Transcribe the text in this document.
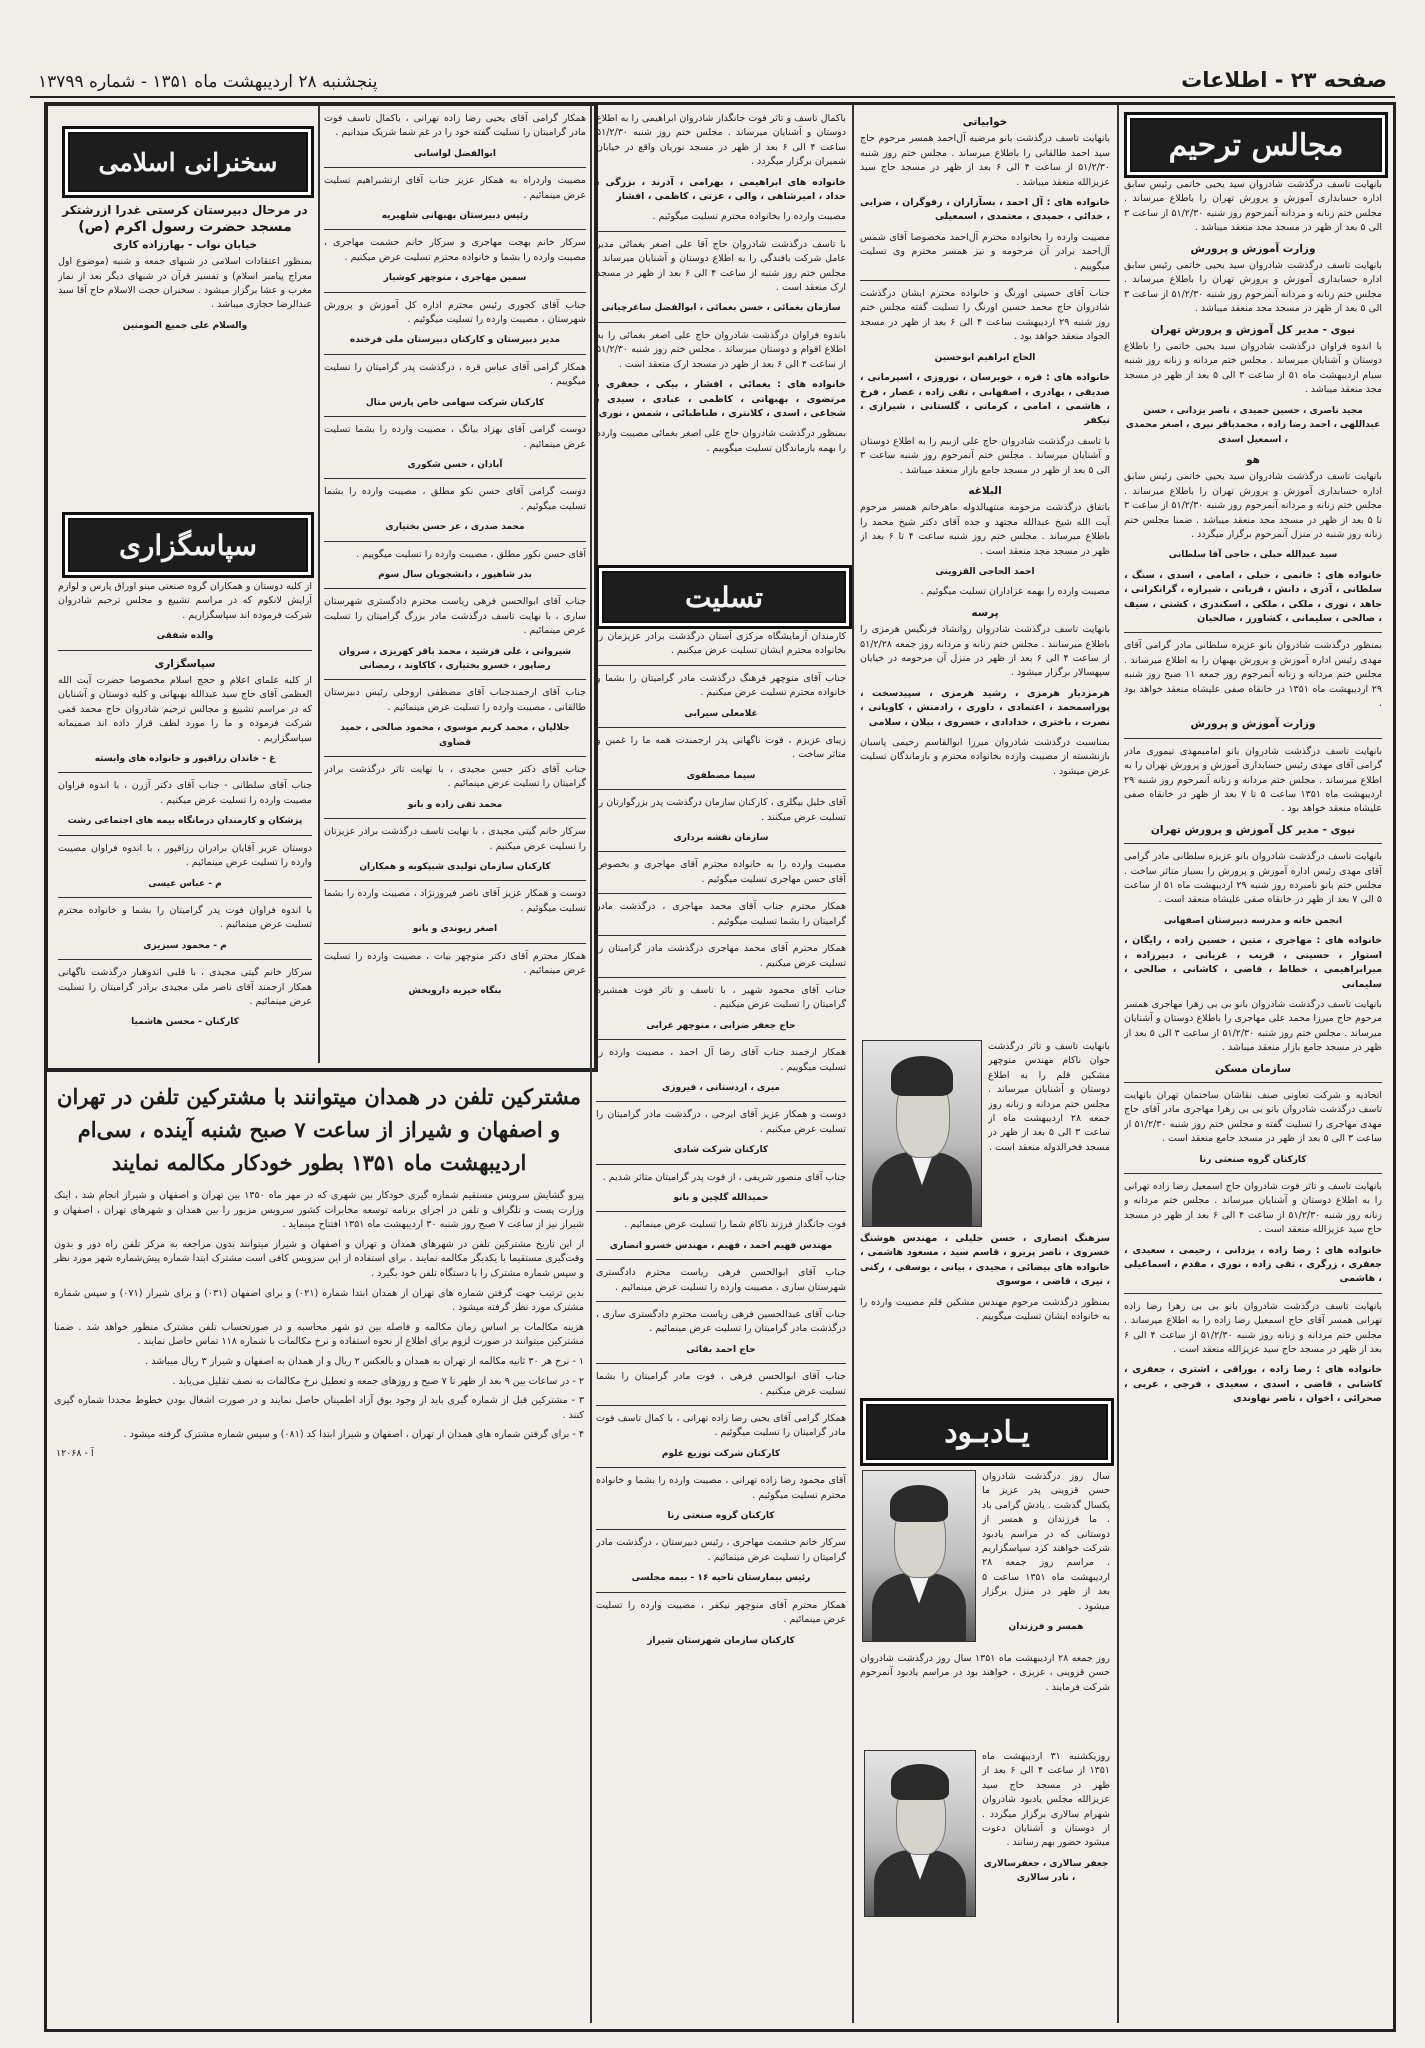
پنجشنبه ۲۸ اردیبهشت ماه ۱۳۵۱ - شماره ۱۳۷۹۹	صفحه ۲۳ - اطلاعات
مجالس ترحیم

بانهایت تاسف درگذشت شادروان سید یحیی خاتمی رئیس سابق اداره حسابداری آموزش و پرورش تهران را باطلاع میرساند . مجلس ختم زنانه و مردانه آنمرحوم روز شنبه ۵۱/۲/۳۰ از ساعت ۳ الی ۵ بعد از ظهر در مسجد مجد منعقد میباشد .

وزارت آموزش و پرورش

بانهایت تاسف درگذشت شادروان سید یحیی خاتمی رئیس سابق اداره حسابداری آموزش و پرورش تهران را باطلاع میرساند . مجلس ختم زنانه و مردانه آنمرحوم روز شنبه ۵۱/۲/۳۰ از ساعت ۳ الی ۵ بعد از ظهر در مسجد مجد منعقد میباشد .

نیوی - مدیر کل آموزش و پرورش تهران

با اندوه فراوان درگذشت شادروان سید یحیی خاتمی را باطلاع دوستان و آشنایان میرساند . مجلس ختم مردانه و زنانه روز شنبه سیام اردیبهشت ماه ۵۱ از ساعت ۳ الی ۵ بعد از ظهر در مسجد مجد منعقد میباشد .

مجید ناصری ، حسین حمیدی ، ناصر یزدانی ، حسن عبداللهی ، احمد رضا زاده ، محمدباقر نیری ، اصغر محمدی ، اسمعیل اسدی

هو

بانهایت تاسف درگذشت شادروان سید یحیی خاتمی رئیس سابق اداره حسابداری آموزش و پرورش تهران را باطلاع میرساند . مجلس ختم زنانه و مردانه آنمرحوم روز شنبه ۵۱/۲/۳۰ از ساعت ۳ تا ۵ بعد از ظهر در مسجد مجد منعقد میباشد . ضمنا مجلس ختم زنانه روز شنبه در منزل آنمرحوم برگزار میگردد .

سید عبدالله حبلی ، حاجی آقا سلطانی

خانواده های : خاتمی ، حبلی ، امامی ، اسدی ، سنگ ، سلطانی ، آذری ، دانش ، قربانی ، شیرازه ، گرانکرانی ، جاهد ، نوری ، ملکی ، ملکی ، اسکندری ، کشتی ، سیف ، صالحی ، سلیمانی ، کشاورز ، صالحیان

بمنظور درگذشت شادروان بانو عزیزه سلطانی مادر گرامی آقای مهدی رئیس اداره آموزش و پرورش بهبهان را به اطلاع میرساند . مجلس ختم مردانه و زنانه آنمرحوم روز جمعه ۱۱ صبح روز شنبه ۲۹ اردیبهشت ماه ۱۳۵۱ در خانقاه صفی علیشاه منعقد خواهد بود .

وزارت آموزش و پرورش

بانهایت تاسف درگذشت شادروان بانو امامیمهدی تیموری مادر گرامی آقای مهدی رئیس حسابداری آموزش و پرورش تهران را به اطلاع میرساند . مجلس ختم مردانه و زنانه آنمرحوم روز شنبه ۲۹ اردیبهشت ماه ۱۳۵۱ ساعت ۵ تا ۷ بعد از ظهر در خانقاه صفی علیشاه منعقد خواهد بود .

نیوی - مدیر کل آموزش و پرورش تهران

بانهایت تاسف درگذشت شادروان بانو عزیزه سلطانی مادر گرامی آقای مهدی رئیس اداره آموزش و پرورش را بسیار متاثر ساخت . مجلس ختم بانو نامبرده روز شنبه ۲۹ اردیبهشت ماه ۵۱ از ساعت ۵ الی ۷ بعد از ظهر در خانقاه صفی علیشاه منعقد است .

انجمن خانه و مدرسه دبیرستان اصفهانی

خانواده های : مهاجری ، متین ، حسین زاده ، رایگان ، استوار ، حسینی ، قریب ، غربانی ، دبیرزاده ، میرابراهیمی ، خطاط ، قاضی ، کاشانی ، صالحی ، سلیمانی

بانهایت تاسف درگذشت شادروان بانو بی بی زهرا مهاجری همسر مرحوم حاج میرزا محمد علی مهاجری را باطلاع دوستان و آشنایان میرساند . مجلس ختم روز شنبه ۵۱/۲/۳۰ از ساعت ۳ الی ۵ بعد از ظهر در مسجد جامع بازار منعقد میباشد .

سازمان مسکن

اتحادیه و شرکت تعاونی صنف نقاشان ساختمان تهران بانهایت تاسف درگذشت شادروان بانو بی بی زهرا مهاجری مادر آقای حاج مهدی مهاجری را تسلیت گفته و مجلس ختم روز شنبه ۵۱/۲/۳۰ از ساعت ۳ الی ۵ بعد از ظهر در مسجد جامع منعقد است .

کارکنان گروه صنعتی رنا

بانهایت تاسف و تاثر فوت شادروان حاج اسمعیل رضا زاده تهرانی را به اطلاع دوستان و آشنایان میرساند . مجلس ختم مردانه و زنانه روز شنبه ۵۱/۲/۳۰ از ساعت ۴ الی ۶ بعد از ظهر در مسجد حاج سید عزیزالله منعقد است .

خانواده های : رضا زاده ، یزدانی ، رحیمی ، سعیدی ، جعفری ، زرگری ، تقی زاده ، نوری ، مقدم ، اسماعیلی ، هاشمی

بانهایت تاسف درگذشت شادروان بانو بی بی زهرا رضا زاده تهرانی همسر آقای حاج اسمعیل رضا زاده را به اطلاع میرساند . مجلس ختم مردانه و زنانه روز شنبه ۵۱/۲/۳۰ از ساعت ۴ الی ۶ بعد از ظهر در مسجد حاج سید عزیزالله منعقد است .

خانواده های : رضا زاده ، بوراقی ، اشتری ، جعفری ، کاشانی ، قاضی ، اسدی ، سعیدی ، فرجی ، عربی ، صحرائی ، اخوان ، ناصر نهاوندی

خوابیاتی

بانهایت تاسف درگذشت بانو مرضیه آل‌احمد همسر مرحوم حاج سید احمد طالقانی را باطلاع میرساند . مجلس ختم روز شنبه ۵۱/۲/۳۰ از ساعت ۴ الی ۶ بعد از ظهر در مسجد حاج سید عزیزالله منعقد میباشد .

خانواده های : آل احمد ، بسآزاران ، رفوگران ، ضرابی ، خدائی ، حمیدی ، معتمدی ، اسمعیلی

مصیبت وارده را بخانواده محترم آل‌احمد مخصوصا آقای شمس آل‌احمد برادر آن مرحومه و نیز همسر محترم وی تسلیت میگوییم .

جناب آقای حسینی اورنگ و خانواده محترم ایشان درگذشت شادروان حاج محمد حسین اورنگ را تسلیت گفته مجلس ختم روز شنبه ۲۹ اردیبهشت ساعت ۴ الی ۶ بعد از ظهر در مسجد الجواد منعقد خواهد بود .

الحاج ابراهیم ابوحسین

خانواده های : فره ، خوبرسان ، نوروزی ، اسپرمانی ، صدیقی ، بهادری ، اصفهانی ، تقی زاده ، عصار ، فرخ ، هاشمی ، امامی ، کرمانی ، گلستانی ، شیرازی ، نیکفر

با تاسف درگذشت شادروان حاج علی ازبیم را به اطلاع دوستان و آشنایان میرساند . مجلس ختم آنمرحوم روز شنبه ساعت ۳ الی ۵ بعد از ظهر در مسجد جامع بازار منعقد میباشد .

البلاغه

باتفاق درگذشت مرحومه منتهیالدوله ماهرخانم همسر مرحوم آیت الله شیخ عبدالله مجتهد و جده آقای دکتر شیخ محمد را باطلاع میرساند . مجلس ختم روز شنبه ساعت ۴ تا ۶ بعد از ظهر در مسجد مجد منعقد است .

احمد الحاجی القزوینی

مصیبت وارده را بهمه عزاداران تسلیت میگوئیم .

پرسه

بانهایت تاسف درگذشت شادروان روانشاد فرنگیس هرمزی را باطلاع میرسانند . مجلس ختم زنانه و مردانه روز جمعه ۵۱/۲/۲۸ از ساعت ۴ الی ۶ بعد از ظهر در منزل آن مرحومه در خیابان سپهسالار برگزار میشود .

هرمزدیار هرمزی ، رشید هرمزی ، سپیدسخت ، پوراسمحمد ، اعتمادی ، داوری ، رادمنش ، کاویانی ، نصرت ، باختری ، خدادادی ، خسروی ، بیلان ، سلامی

بمناسبت درگذشت شادروان میرزا ابوالقاسم رحیمی پاسبان بازنشسته از مصیبت وارده بخانواده محترم و بازماندگان تسلیت عرض میشود .

بانهایت تاسف و تاثر درگذشت جوان ناکام مهندس منوچهر مشکین قلم را به اطلاع دوستان و آشنایان میرساند . مجلس ختم مردانه و زنانه روز جمعه ۲۸ اردیبهشت ماه از ساعت ۳ الی ۵ بعد از ظهر در مسجد فخرالدوله منعقد است .

سرهنگ انصاری ، حسن جلیلی ، مهندس هوشنگ خسروی ، ناصر پریرو ، قاسم سید ، مسعود هاشمی ، خانواده های بیضائی ، مجیدی ، بیانی ، یوسفی ، رکنی ، نیری ، قاضی ، موسوی

بمنظور درگذشت مرحوم مهندس مشکین قلم مصیبت وارده را به خانواده ایشان تسلیت میگوییم .

یـادبـود

سال روز درگذشت شادروان حسن قزوینی پدر عزیز ما یکسال گذشت . یادش گرامی باد . ما فرزندان و همسر از دوستانی که در مراسم یادبود شرکت خواهند کرد سپاسگزاریم . مراسم روز جمعه ۲۸ اردیبهشت ماه ۱۳۵۱ ساعت ۵ بعد از ظهر در منزل برگزار میشود .

همسر و فرزندان

روز جمعه ۲۸ اردیبهشت ماه ۱۳۵۱ سال روز درگذشت شادروان حسن قزوینی ، عزیزی ، خواهند بود در مراسم یادبود آنمرحوم شرکت فرمایند .

روزیکشنبه ۳۱ اردیبهشت ماه ۱۳۵۱ از ساعت ۴ الی ۶ بعد از ظهر در مسجد حاج سید عزیزالله مجلس یادبود شادروان شهرام سالاری برگزار میگردد . از دوستان و آشنایان دعوت میشود حضور بهم رسانند .

جعفر سالاری ، جعفرسالاری ، نادر سالاری

باکمال تاسف و تاثر فوت جانگداز شادروان ابراهیمی را به اطلاع دوستان و آشنایان میرساند . مجلس ختم روز شنبه ۵۱/۲/۳۰ ساعت ۴ الی ۶ بعد از ظهر در مسجد نوریان واقع در خیابان شمیران برگزار میگردد .

خانواده های ابراهیمی ، بهرامی ، آذرند ، بزرگی ، حداد ، امیرشاهی ، والی ، عزتی ، کاظمی ، افشار

مصیبت وارده را بخانواده محترم تسلیت میگوئیم .

با تاسف درگذشت شادروان حاج آقا علی اصغر بغمائی مدیر عامل شرکت بافندگی را به اطلاع دوستان و آشنایان میرساند . مجلس ختم روز شنبه از ساعت ۴ الی ۶ بعد از ظهر در مسجد ارک منعقد است .

سازمان بغمائی ، حسن بغمائی ، ابوالفضل ساغرچیانی

باندوه فراوان درگذشت شادروان حاج علی اصغر بغمائی را به اطلاع اقوام و دوستان میرساند . مجلس ختم روز شنبه ۵۱/۲/۳۰ از ساعت ۴ الی ۶ بعد از ظهر در مسجد ارک منعقد است .

خانواده های : بغمائی ، افشار ، بیکی ، جعفری ، مرتضوی ، بهبهانی ، کاظمی ، عبادی ، سیدی ، شجاعی ، اسدی ، کلانتری ، طباطبائی ، شمس ، نوری

بمنظور درگذشت شادروان حاج علی اصغر بغمائی مصیبت وارده را بهمه بازماندگان تسلیت میگوییم .

تسلیت

کارمندان آزمایشگاه مرکزی آستان درگذشت برادر عزیزمان را بخانواده محترم ایشان تسلیت عرض میکنیم .

جناب آقای منوچهر فرهنگ درگذشت مادر گرامیتان را بشما و خانواده محترم تسلیت عرض میکنیم .

غلامعلی سیرابی

زیبای عزیزم ، فوت ناگهانی پدر ارجمندت همه ما را غمین و متاثر ساخت .

سیما مصطفوی

آقای خلیل بیگلری ، کارکنان سازمان درگذشت پدر بزرگوارتان را تسلیت عرض میکنند .

سازمان نقشه برداری

مصیبت وارده را به خانواده محترم آقای مهاجری و بخصوص آقای حسن مهاجری تسلیت میگوئیم .

همکار محترم جناب آقای محمد مهاجری ، درگذشت مادر گرامیتان را بشما تسلیت میگوئیم .

همکار محترم آقای محمد مهاجری درگذشت مادر گرامیتان را تسلیت عرض میکنیم .

جناب آقای محمود شهیر ، با تاسف و تاثر فوت همشیره گرامیتان را تسلیت عرض میکنیم .

حاج جعفر ضرابی ، منوچهر غرابی

همکار ارجمند جناب آقای رضا آل احمد ، مصیبت وارده را تسلیت میگوییم .

ميرى ، اردستانى ، فيروزى

دوست و همکار عزیز آقای ایرجی ، درگذشت مادر گرامیتان را تسلیت عرض میکنیم .

کارکنان شرکت شادی

جناب آقای منصور شریفی ، از فوت پدر گرامیتان متاثر شدیم .

حمیدالله گلچین و بانو

فوت جانگداز فرزند ناکام شما را تسلیت عرض مینمائیم .

مهندس فهیم احمد ، فهیم ، مهندس خسرو انصاری

جناب آقای ابوالحسن فرهی ریاست محترم دادگستری شهرستان ساری ، مصیبت وارده را تسلیت عرض مینمائیم .

جناب آقای عبدالحسین فرهی ریاست محترم دادگستری ساری ، درگذشت مادر گرامیتان را تسلیت عرض مینمائیم .

حاج احمد بقائی

جناب آقای ابوالحسن فرهی ، فوت مادر گرامیتان را بشما تسلیت عرض میکنیم .

همکار گرامی آقای یحیی رضا زاده تهرانی ، با کمال تاسف فوت مادر گرامیتان را تسلیت میگوئیم .

کارکنان شرکت توزیع غلوم

آقای محمود رضا زاده تهرانی ، مصیبت وارده را بشما و خانواده محترم تسلیت میگوئیم .

کارکنان گروه صنعتی رنا

سرکار خانم حشمت مهاجری ، رئیس دبیرستان ، درگذشت مادر گرامیتان را تسلیت عرض مینمائیم .

رئیس بیمارستان ناحیه ۱۶ - بیمه مجلسی

همکار محترم آقای منوچهر نیکفر ، مصیبت وارده را تسلیت عرض مینمائیم .

کارکنان سازمان شهرستان شیراز

همکار گرامی آقای یحیی رضا زاده تهرانی ، باکمال تاسف فوت مادر گرامیتان را تسلیت گفته خود را در غم شما شریک میدانیم .

ابوالفضل لواسانی

مصیبت واردراه به همکار عزیز جناب آقای ارتشبراهیم تسلیت عرض مینمائیم .

رئیس دبیرستان بهبهانی شلهیریه

سرکار خانم بهجت مهاجری و سرکار خانم حشمت مهاجری ، مصیبت وارده را بشما و خانواده محترم تسلیت عرض میکنیم .

سمین مهاجری ، منوچهر کوشیار

جناب آقای کجوری رئیس محترم اداره کل آموزش و پرورش شهرستان ، مصیبت وارده را تسلیت میگوئیم .

مدیر دبیرستان و کارکنان دبیرستان ملی فرخنده

همکار گرامی آقای عباس قره ، درگذشت پدر گرامیتان را تسلیت میگوییم .

کارکنان شرکت سهامی خاص پارس متال

دوست گرامی آقای بهزاد بیانگ ، مصیبت وارده را بشما تسلیت عرض مینمائیم .

آبادان ، حسن شکوری

دوست گرامی آقای حسن نکو مطلق ، مصیبت وارده را بشما تسلیت میگوئیم .

محمد صدری ، عز حسن بختیاری

آقای حسن نکور مطلق ، مصیبت وارده را تسلیت میگوییم .

بدر شاهپور ، دانشجویان سال سوم

جناب آقای ابوالحسن فرهی ریاست محترم دادگستری شهرستان ساری ، با نهایت تاسف درگذشت مادر بزرگ گرامیتان را تسلیت عرض مینمائیم .

شیروانی ، علی فرشید ، محمد باقر کهریزی ، سروان رضاپور ، خسرو بختیاری ، کاکاوند ، رمضانی

جناب آقای ارجمندجناب آقای مصطفی اروجلی رئیس دبیرستان طالقانی ، مصیبت وارده را تسلیت عرض مینمائیم .

جلالیان ، محمد کریم موسوی ، محمود صالحی ، حمید قضاوی

جناب آقای دکتر حسن مجیدی ، با نهایت تاثر درگذشت برادر گرامیتان را تسلیت عرض مینمائیم .

محمد تقی زاده و بانو

سرکار خانم گیتی مجیدی ، با نهایت تاسف درگذشت برادر عزیزتان را تسلیت عرض میکنیم .

کارکنان سازمان تولیدی شیپکوبه و همکاران

دوست و همکار عزیز آقای ناصر فیروزنژاد ، مصیبت وارده را بشما تسلیت میگوئیم .

اصغر زیوندی و بانو

همکار محترم آقای دکتر منوچهر بیات ، مصیبت وارده را تسلیت عرض مینمائیم .

بنگاه خیریه داروبخش

سخنرانی اسلامی
در مرحال دبیرستان کرستی غدرا ازرشتکر
مسجد حضرت رسول اکرم (ص)
خیابان نواب - بهارزاده کاری

بمنظور اعتقادات اسلامی در شبهای جمعه و شنبه (موضوع اول معراج پیامبر اسلام) و تفسیر قرآن در شبهای دیگر بعد از نماز مغرب و عشا برگزار میشود . سخنران حجت الاسلام حاج آقا سید عبدالرضا حجازی میباشد .

والسلام علی جمیع المومنین

سپاسگزاری

از کلیه دوستان و همکاران گروه صنعتی مینو اوراق پارس و لوازم آرایش لانکوم که در مراسم تشییع و مجلس ترحیم شادروان شرکت فرموده اند سپاسگزاریم .

والده شفقی

سپاسگزاری

از کلیه علمای اعلام و حجج اسلام مخصوصا حضرت آیت الله العظمی آقای حاج سید عبدالله بهبهانی و کلیه دوستان و آشنایان که در مراسم تشییع و مجالس ترحیم شادروان حاج محمد قمی شرکت فرموده و ما را مورد لطف قرار داده اند صمیمانه سپاسگزاریم .

غ - خاندان رزاقپور و خانواده های وابسته

جناب آقای سلطانی - جناب آقای دکتر آژرن ، با اندوه فراوان مصیبت وارده را تسلیت عرض میکنیم .

پزشکان و کارمندان درمانگاه بیمه های اجتماعی رشت

دوستان عزیز آقایان برادران رزاقپور ، با اندوه فراوان مصیبت وارده را تسلیت عرض مینمائیم .

م - عباس عیسی

با اندوه فراوان فوت پدر گرامیتان را بشما و خانواده محترم تسلیت عرض مینمائیم .

م - محمود سبزیزی

سرکار خانم گیتی مجیدی ، با قلبی اندوهبار درگذشت ناگهانی همکار ارجمند آقای ناصر ملی مجیدی برادر گرامیتان را تسلیت عرض مینمائیم .

کارکنان - محسن هاشمیا

مشترکین تلفن در همدان میتوانند با مشترکین تلفن در تهران و اصفهان و شیراز از ساعت ۷ صبح شنبه آینده ، سی‌ام اردیبهشت ماه ۱۳۵۱ بطور خودکار مکالمه نمایند

پیرو گشایش سرویس مستقیم شماره گیری خودکار بین شهری که در مهر ماه ۱۳۵۰ بین تهران و اصفهان و شیراز انجام شد ، اینک وزارت پست و تلگراف و تلفن در اجرای برنامه توسعه مخابرات کشور سرویس مزبور را بین همدان و شهرهای تهران ، اصفهان و شیراز نیز از ساعت ۷ صبح روز شنبه ۳۰ اردیبهشت ماه ۱۳۵۱ افتتاح مینماید .

از این تاریخ مشترکین تلفن در شهرهای همدان و تهران و اصفهان و شیراز میتوانند بدون مراجعه به مرکز تلفن راه دور و بدون وقت‌گیری مستقیما با یکدیگر مکالمه نمایند . برای استفاده از این سرویس کافی است مشترک ابتدا شماره پیش‌شماره شهر مورد نظر و سپس شماره مشترک را با دستگاه تلفن خود بگیرد .

بدین ترتیب جهت گرفتن شماره های تهران از همدان ابتدا شماره (۰۲۱) و برای اصفهان (۰۳۱) و برای شیراز (۰۷۱) و سپس شماره مشترک مورد نظر گرفته میشود .

هزینه مکالمات بر اساس زمان مکالمه و فاصله بین دو شهر محاسبه و در صورتحساب تلفن مشترک منظور خواهد شد . ضمنا مشترکین میتوانند در صورت لزوم برای اطلاع از نحوه استفاده و نرخ مکالمات با شماره ۱۱۸ تماس حاصل نمایند .

۱ - نرخ هر ۳۰ ثانیه مکالمه از تهران به همدان و بالعکس ۲ ریال و از همدان به اصفهان و شیراز ۳ ریال میباشد .

۲ - در ساعات بین ۹ بعد از ظهر تا ۷ صبح و روزهای جمعه و تعطیل نرخ مکالمات به نصف تقلیل می‌یابد .

۳ - مشترکین قبل از شماره گیری باید از وجود بوق آزاد اطمینان حاصل نمایند و در صورت اشغال بودن خطوط مجددا شماره گیری کنند .

۴ - برای گرفتن شماره های همدان از تهران ، اصفهان و شیراز ابتدا کد (۰۸۱) و سپس شماره مشترک گرفته میشود .

آ - ۱۲۰۶۸
